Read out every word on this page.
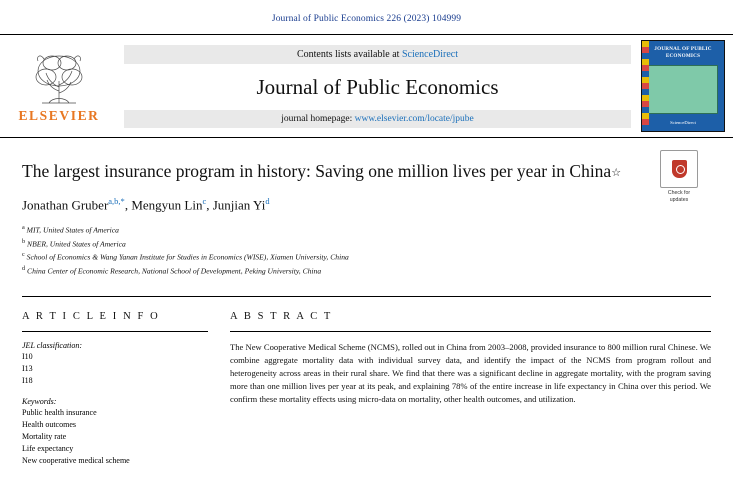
Journal of Public Economics 226 (2023) 104999
ELSEVIER
Contents lists available at ScienceDirect
Journal of Public Economics
journal homepage: www.elsevier.com/locate/jpube
JOURNAL OF PUBLIC ECONOMICS
ScienceDirect
Check for
updates
The largest insurance program in history: Saving one million lives per year in China☆
Jonathan Gruber$^{a,b,*}$, Mengyun Lin$^c$, Junjian Yi$^d$
$^a$ MIT, United States of America
$^b$ NBER, United States of America
$^c$ School of Economics & Wang Yanan Institute for Studies in Economics (WISE), Xiamen University, China
$^d$ China Center of Economic Research, National School of Development, Peking University, China
A R T I C L E I N F O
JEL classification:
I10
I13
I18
Keywords:
Public health insurance
Health outcomes
Mortality rate
Life expectancy
New cooperative medical scheme
A B S T R A C T
The New Cooperative Medical Scheme (NCMS), rolled out in China from 2003–2008, provided insurance to 800 million rural Chinese. We combine aggregate mortality data with individual survey data, and identify the impact of the NCMS from program rollout and heterogeneity across areas in their rural share. We find that there was a significant decline in aggregate mortality, with the program saving more than one million lives per year at its peak, and explaining 78% of the entire increase in life expectancy in China over this period. We confirm these mortality effects using micro-data on mortality, other health outcomes, and utilization.
